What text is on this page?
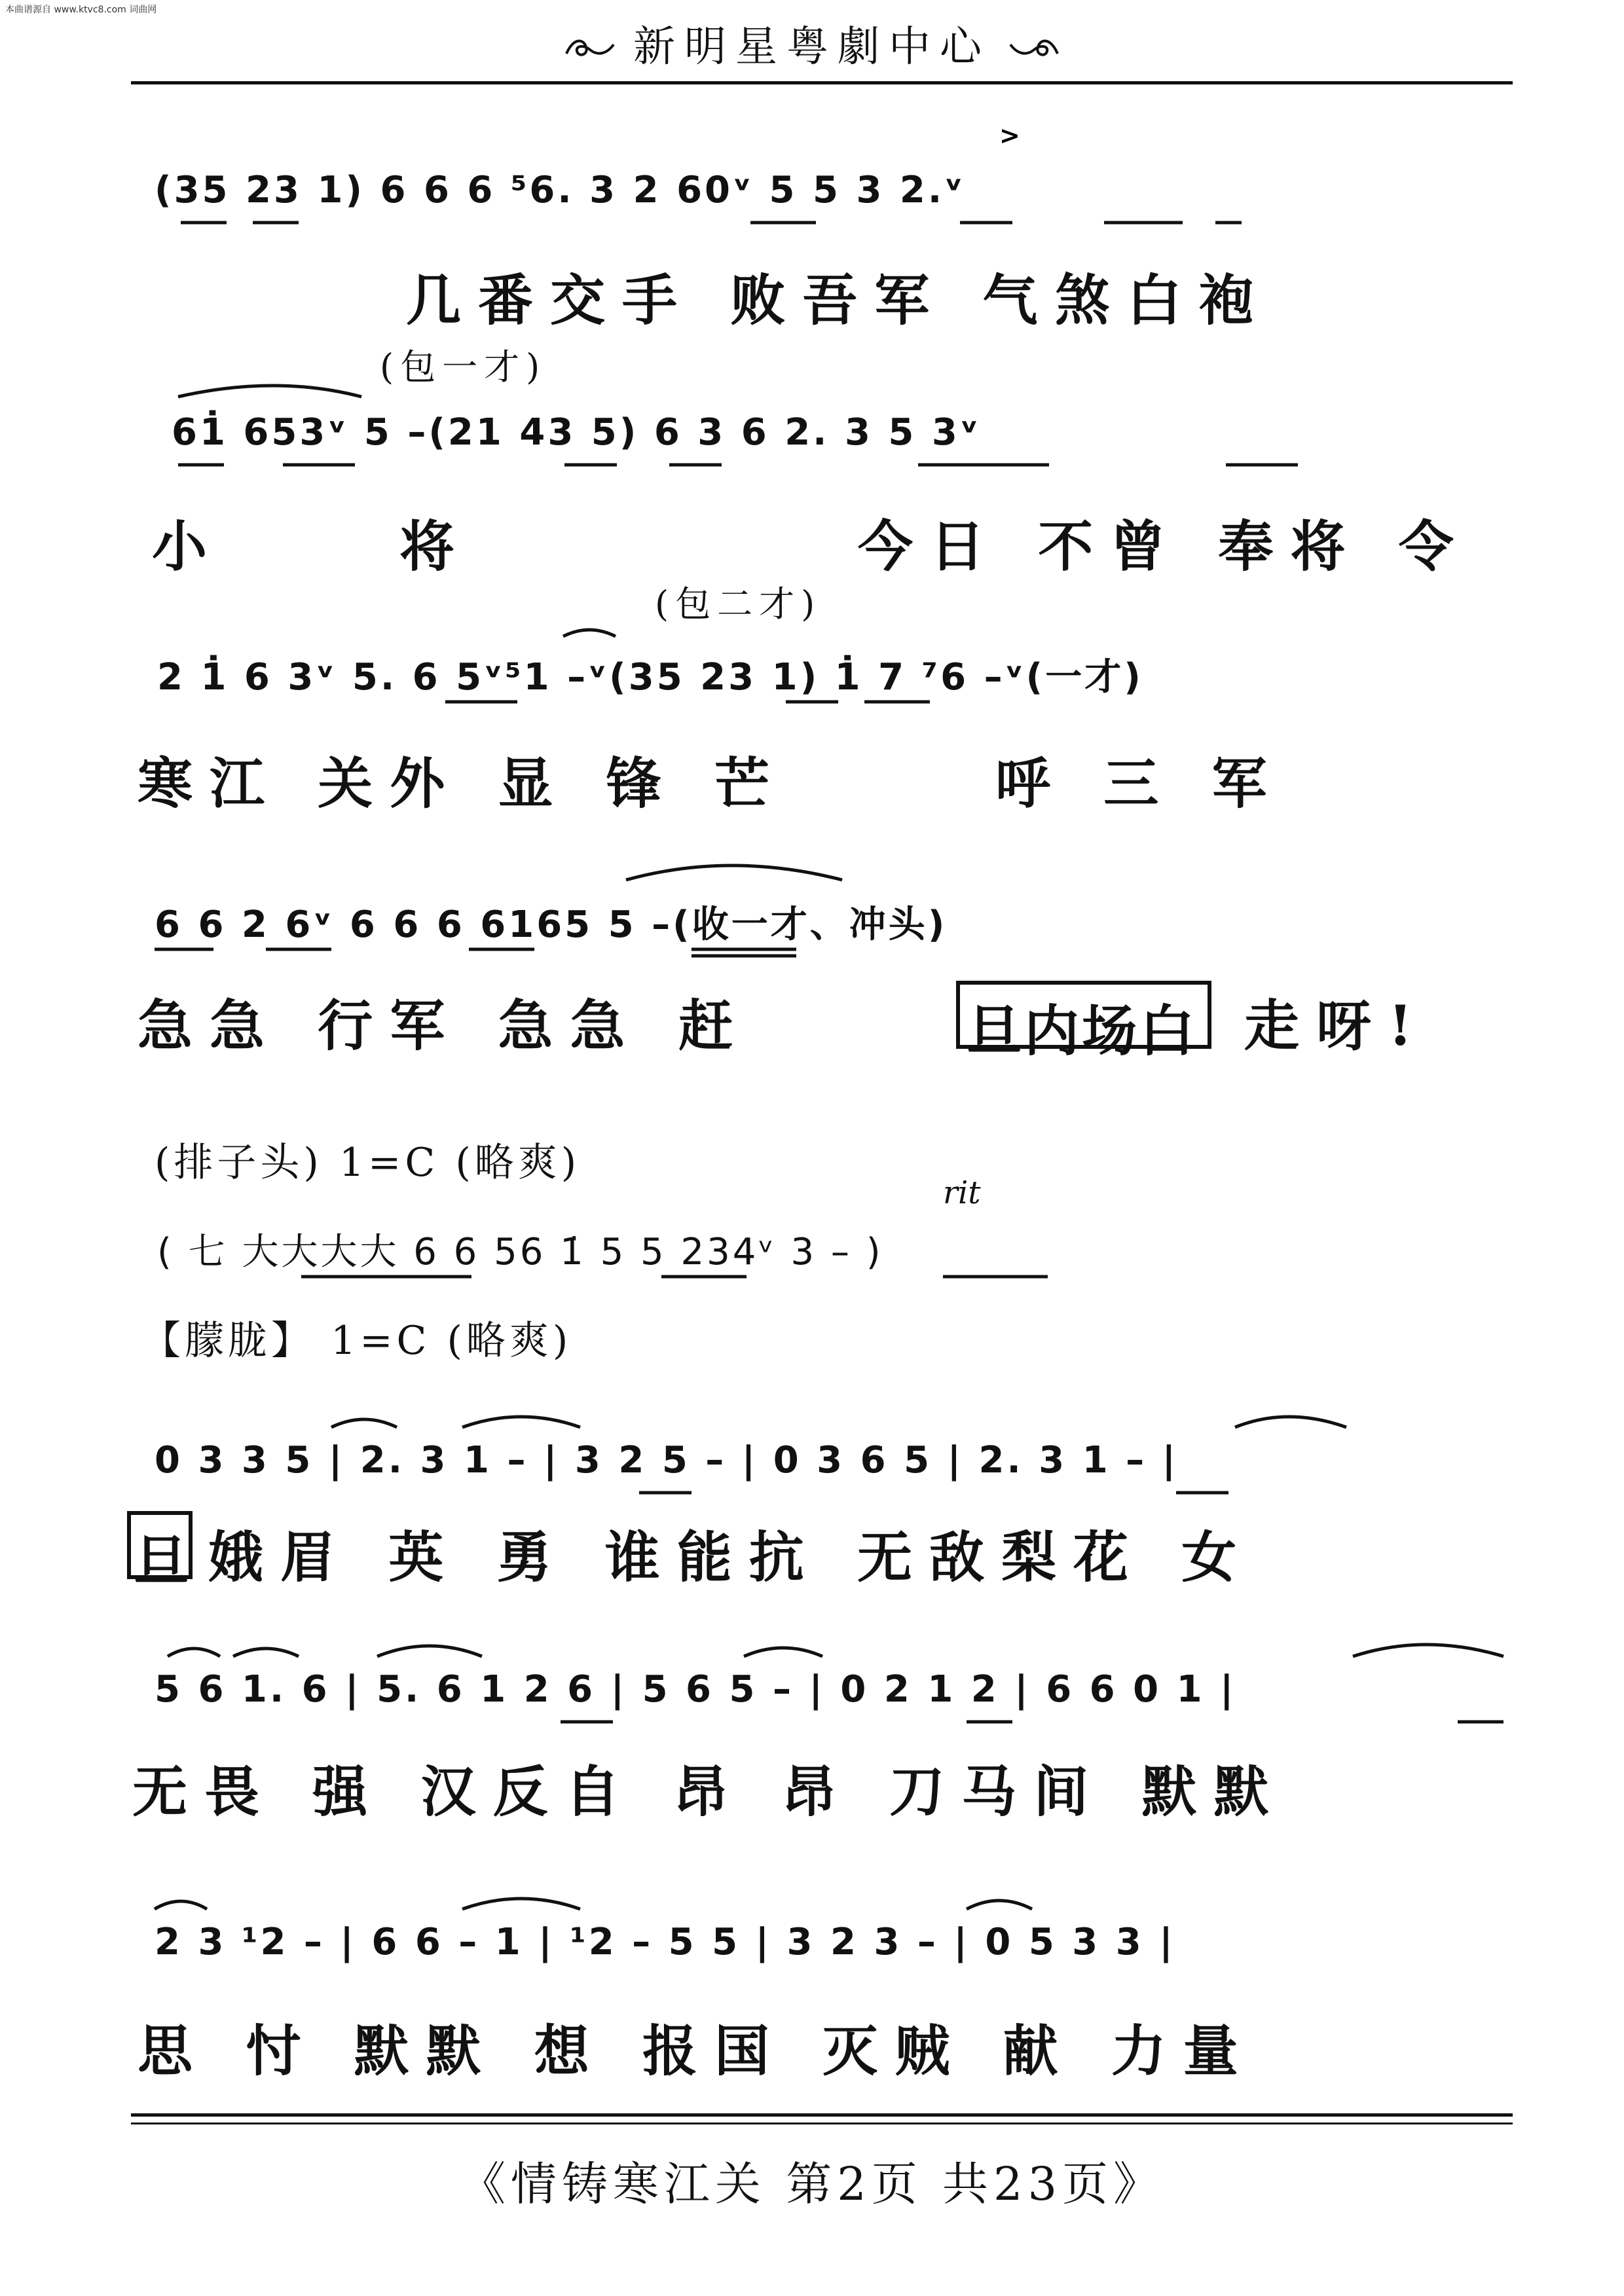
本曲谱源自 www.ktvc8.com 词曲网
新明星粤劇中心
(35 23 1) 6 6 6 ⁵6. 3 2 60ᵛ 5 5 3 2.ᵛ
>
几番交手 败吾军 气煞白袍
(包一才)
61̇ 653ᵛ 5 –(21 43 5) 6 3 6 2. 3 5 3ᵛ
小	将	今日 不曾 奉将 令
(包二才)
2 1̇ 6 3ᵛ 5. 6 5ᵛ⁵1 –ᵛ(35 23 1) 1̇ 7 ⁷6 –ᵛ(一才)
寒江 关外 显 锋 芒	呼 三 军
6 6 2 6ᵛ 6 6 6 6165 5 –(收一才、冲头)
急急 行军 急急 赶	旦内场白 走呀!
(排子头) 1=C (略爽)
rit
( 七 大大大大 6 6 56 1̇ 5 5 234ᵛ 3 – )
【朦胧】 1=C (略爽)
0 3 3 5 | 2. 3 1 – | 3 2 5 – | 0 3 6 5 | 2. 3 1 – |
旦 娥眉 英 勇 谁能抗 无敌梨花 女
5 6 1. 6 | 5. 6 1 2 6 | 5 6 5 – | 0 2 1 2 | 6 6 0 1 |
无畏 强 汉反自 昂 昂 刀马间 默默
2 3 ¹2 – | 6 6 – 1 | ¹2 – 5 5 | 3 2 3 – | 0 5 3 3 |
思 忖 默默 想 报国 灭贼 献 力量
《情铸寒江关 第2页 共23页》
